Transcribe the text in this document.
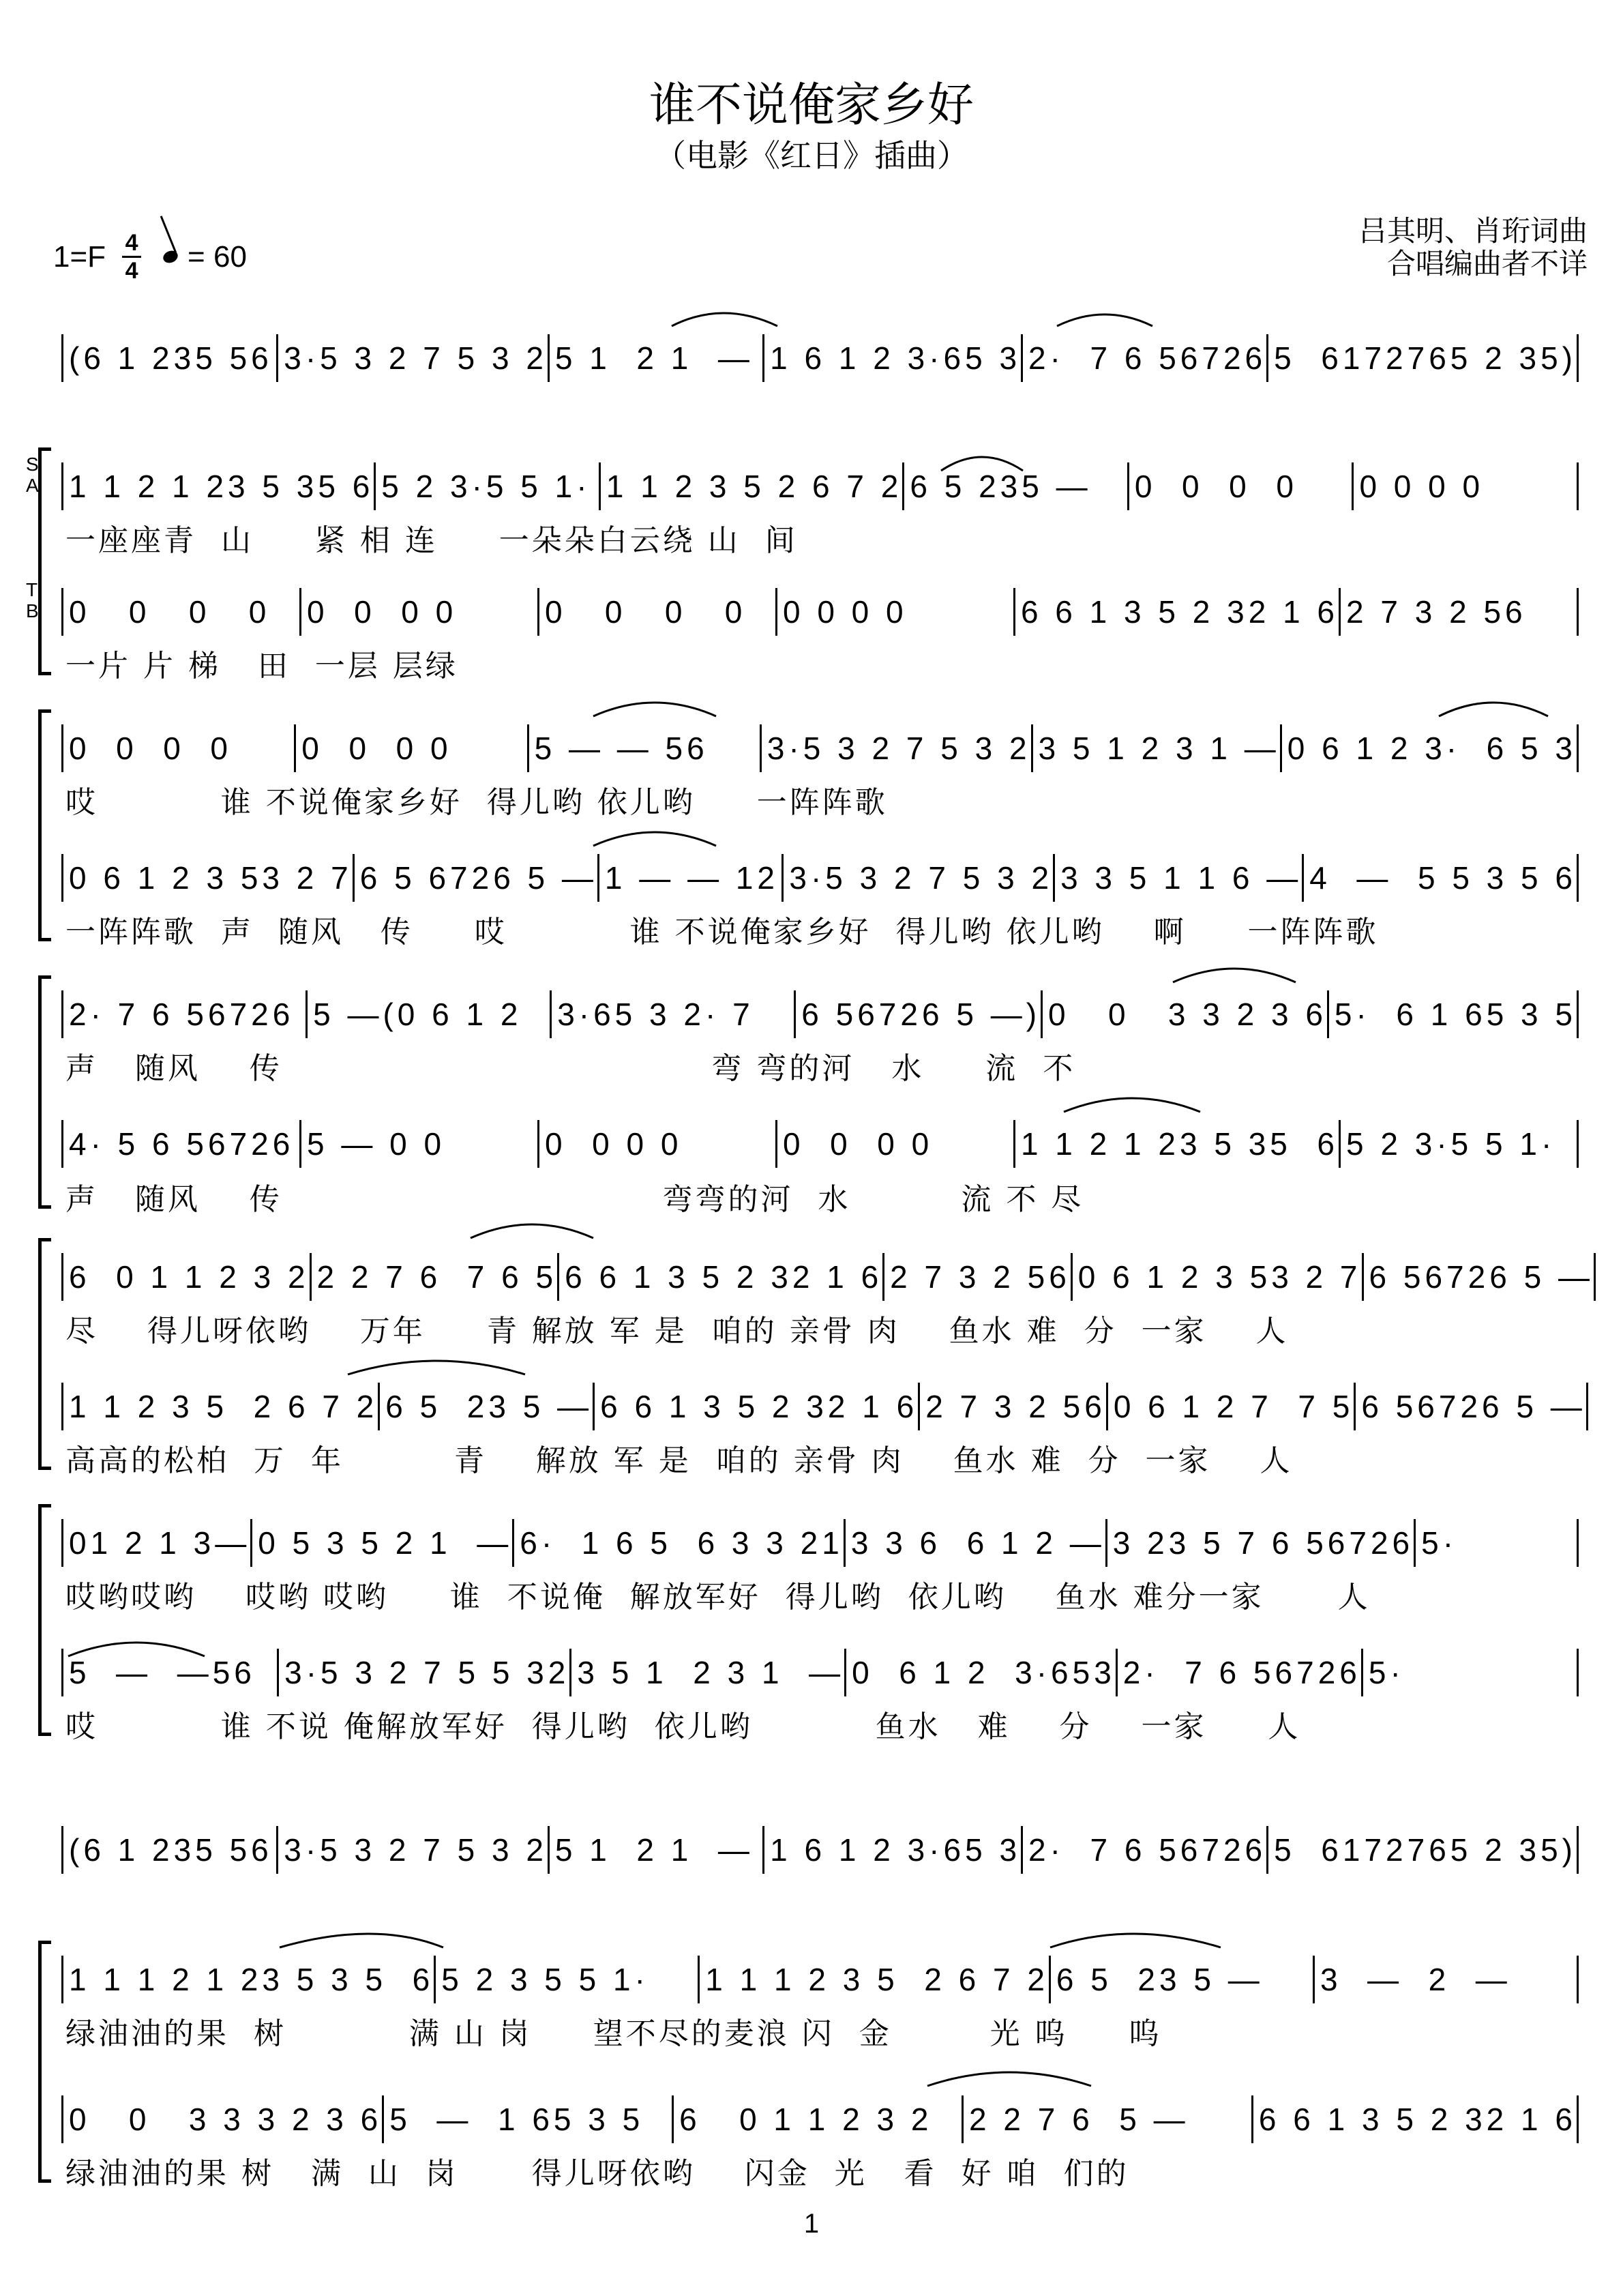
谁不说俺家乡好
（电影《红日》插曲）
1=F 4
4 = 60
吕其明、肖珩词曲
合唱编曲者不详
(6 1 235 56 3·5 3 2 7 5 3 2 5 1  2 1  — 1 6 1 2 3·65 3 2·  7 6 56726 5  6172765 2 35)
1 1 2 1 23 5 35 6 5 2 3·5 5 1· 1 1 2 3 5 2 6 7 2 6 5 235 —	0  0  0  0	0 0 0 0
一座座青  山     紧 相 连     一朵朵白云绕 山  间
0   0   0   0	0  0  0 0	0   0   0   0	0 0 0 0	6 6 1 3 5 2 32 1 6 2 7 3 2 56
一片 片 梯   田  一层 层绿
S A
T B
0  0  0  0	0  0  0 0	5 — — 56	3·5 3 2 7 5 3 2 3 5 1 2 3 1 — 0 6 1 2 3·  6 5 3
哎          谁 不说俺家乡好  得儿哟 依儿哟     一阵阵歌
0 6 1 2 3 53 2 7 6 5 6726 5 — 1 — — 12 3·5 3 2 7 5 3 2 3 3 5 1 1 6 — 4  —  5 5 3 5 6
一阵阵歌  声  随风   传     哎          谁 不说俺家乡好  得儿哟 依儿哟    啊     一阵阵歌
2· 7 6 56726 5 —(0 6 1 2	3·65 3 2· 7	6 56726 5 —) 0   0   3 3 2 3 6 5·  6 1 65 3 5
声   随风    传                                   弯 弯的河   水     流  不
4· 5 6 56726 5 — 0 0	0  0 0 0	0  0  0 0	1 1 2 1 23 5 35  6 5 2 3·5 5 1·
声   随风    传                               弯弯的河  水         流 不 尽
6  0 1 1 2 3 2 2 2 7 6  7 6 5 6 6 1 3 5 2 32 1 6 2 7 3 2 56 0 6 1 2 3 53 2 7 6 56726 5 —
尽    得儿呀依哟    万年     青 解放 军 是  咱的 亲骨 肉    鱼水 难  分  一家    人
1 1 2 3 5  2 6 7 2 6 5  23 5 — 6 6 1 3 5 2 32 1 6 2 7 3 2 56 0 6 1 2 7  7 5 6 56726 5 —
高高的松柏  万  年         青    解放 军 是  咱的 亲骨 肉    鱼水 难  分  一家    人
01 2 1 3— 0 5 3 5 2 1  — 6·  1 6 5  6 3 3 21 3 3 6  6 1 2 — 3 23 5 7 6 56726 5·
哎哟哎哟    哎哟 哎哟     谁  不说俺  解放军好  得儿哟  依儿哟    鱼水 难分一家      人
5  —  —56 3·5 3 2 7 5 5 32 3 5 1  2 3 1  — 0  6 1 2  3·653 2·  7 6 56726 5·
哎          谁 不说 俺解放军好  得儿哟  依儿哟          鱼水   难    分    一家     人
(6 1 235 56 3·5 3 2 7 5 3 2 5 1  2 1  — 1 6 1 2 3·65 3 2·  7 6 56726 5  6172765 2 35)
1 1 1 2 1 23 5 3 5  6 5 2 3 5 5 1·	1 1 1 2 3 5  2 6 7 2 6 5  23 5 —	3  —  2  —
绿油油的果  树          满 山 岗     望不尽的麦浪 闪  金        光 呜     呜
0   0   3 3 3 2 3 6 5  —  1 65 3 5	6   0 1 1 2 3 2	2 2 7 6  5 —	6 6 1 3 5 2 32 1 6
绿油油的果 树   满  山  岗      得儿呀依哟    闪金  光   看  好 咱  们的
1
